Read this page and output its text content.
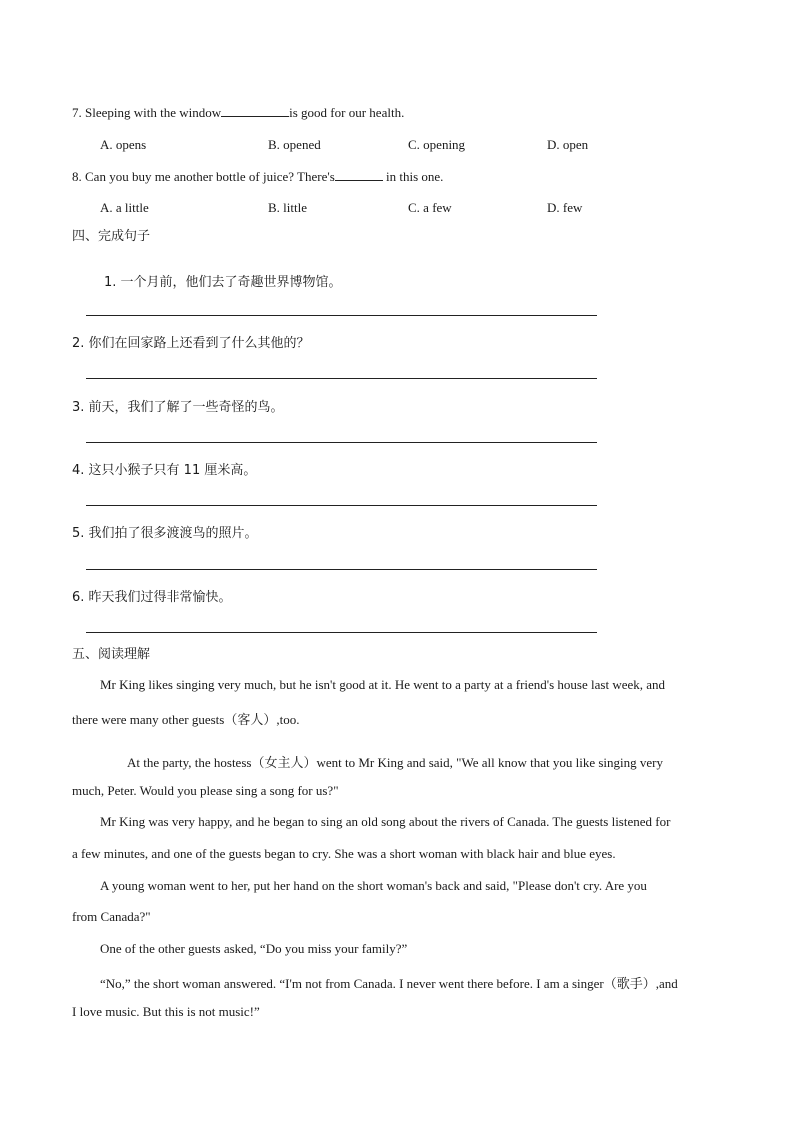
7. Sleeping with the window	is good for our health.
A. opens	B. opened	C. opening	D. open
8. Can you buy me another bottle of juice? There's	in this one.
A. a little	B. little	C. a few	D. few
四、完成句子
1. 一个月前，他们去了奇趣世界博物馆。
2. 你们在回家路上还看到了什么其他的？
3. 前天，我们了解了一些奇怪的鸟。
4. 这只小猴子只有 11 厘米高。
5. 我们拍了很多渡渡鸟的照片。
6. 昨天我们过得非常愉快。
五、阅读理解
Mr King likes singing very much, but he isn't good at it. He went to a party at a friend's house last week, and
there were many other guests（客人）,too.
At the party, the hostess（女主人）went to Mr King and said, "We all know that you like singing very
much, Peter. Would you please sing a song for us?"
Mr King was very happy, and he began to sing an old song about the rivers of Canada. The guests listened for
a few minutes, and one of the guests began to cry. She was a short woman with black hair and blue eyes.
A young woman went to her, put her hand on the short woman's back and said, "Please don't cry. Are you
from Canada?"
One of the other guests asked, “Do you miss your family?”
“No,” the short woman answered. “I'm not from Canada. I never went there before. I am a singer（歌手）,and
I love music. But this is not music!”
